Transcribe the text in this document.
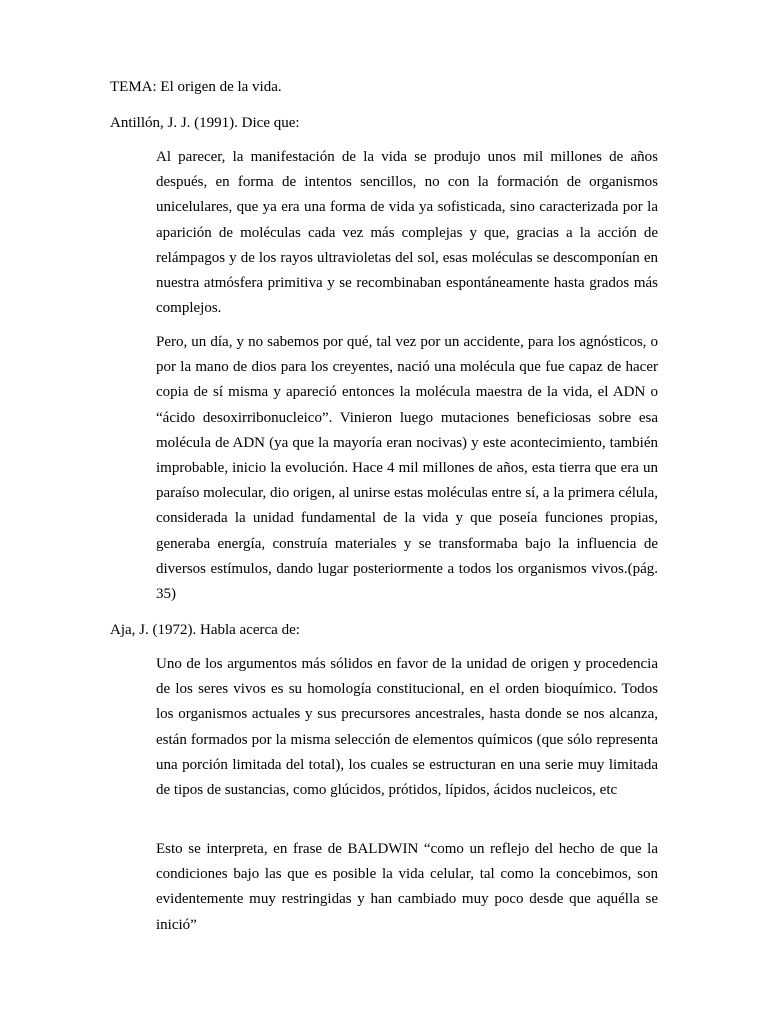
TEMA: El origen de la vida.
Antillón, J. J. (1991). Dice que:

Al parecer, la manifestación de la vida se produjo unos mil millones de años después, en forma de intentos sencillos, no con la formación de organismos unicelulares, que ya era una forma de vida ya sofisticada, sino caracterizada por la aparición de moléculas cada vez más complejas y que, gracias a la acción de relámpagos y de los rayos ultravioletas del sol, esas moléculas se descomponían en nuestra atmósfera primitiva y se recombinaban espontáneamente hasta grados más complejos.

Pero, un día, y no sabemos por qué, tal vez por un accidente, para los agnósticos, o por la mano de dios para los creyentes, nació una molécula que fue capaz de hacer copia de sí misma y apareció entonces la molécula maestra de la vida, el ADN o “ácido desoxirribonucleico”. Vinieron luego mutaciones beneficiosas sobre esa molécula de ADN (ya que la mayoría eran nocivas) y este acontecimiento, también improbable, inicio la evolución. Hace 4 mil millones de años, esta tierra que era un paraíso molecular, dio origen, al unirse estas moléculas entre sí, a la primera célula, considerada la unidad fundamental de la vida y que poseía funciones propias, generaba energía, construía materiales y se transformaba bajo la influencia de diversos estímulos, dando lugar posteriormente a todos los organismos vivos.(pág. 35)

Aja, J. (1972). Habla acerca de:

Uno de los argumentos más sólidos en favor de la unidad de origen y procedencia de los seres vivos es su homología constitucional, en el orden bioquímico. Todos los organismos actuales y sus precursores ancestrales, hasta donde se nos alcanza, están formados por la misma selección de elementos químicos (que sólo representa una porción limitada del total), los cuales se estructuran en una serie muy limitada de tipos de sustancias, como glúcidos, prótidos, lípidos, ácidos nucleicos, etc

Esto se interpreta, en frase de BALDWIN “como un reflejo del hecho de que la condiciones bajo las que es posible la vida celular, tal como la concebimos, son evidentemente muy restringidas y han cambiado muy poco desde que aquélla se inició”
